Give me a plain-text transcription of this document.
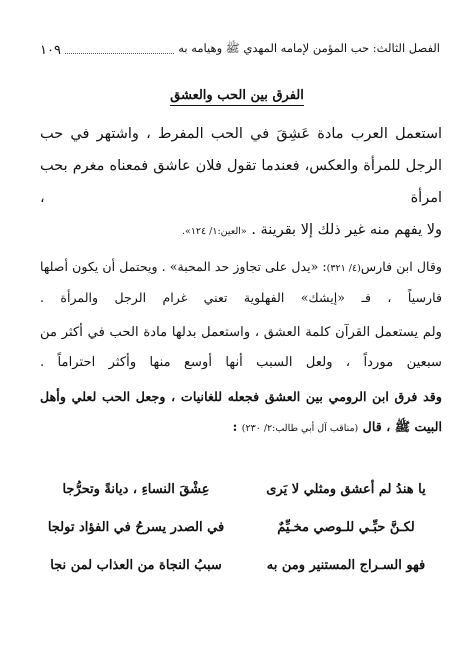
الفصل الثالث: حب المؤمن لإمامه المهدي ﷺ وهيامه به
١٠٩
الفرق بين الحب والعشق

استعمل العرب مادة عَشِقَ في الحب المفرط ، واشتهر في حب الرجل للمرأة والعكس، فعندما تقول فلان عاشق فمعناه مغرم بحب امرأة ،

ولا يفهم منه غير ذلك إلا بقرينة . «العين:١/ ١٢٤».

وقال ابن فارس(٤/ ٣٢١): «يدل على تجاوز حد المحبة» . ويحتمل أن يكون أصلها فارسياً ، فـ «إيشك» الفهلوية تعني غرام الرجل والمرأة .

ولم يستعمل القرآن كلمة العشق ، واستعمل بدلها مادة الحب في أكثر من سبعين مورداً ، ولعل السبب أنها أوسع منها وأكثر احتراماً .

وقد فرق ابن الرومي بين العشق فجعله للغانيات ، وجعل الحب لعلي وأهل البيت ﷺ ، قال (مناقب آل أبي طالب:٢/ ٢٣٠) :

يا هندُ لم أعشق ومثلي لا يَرى
عِشْقَ النساءِ ، ديانةً وتحرُّجا
لكـنَّ حبِّـي للـوصي مخـيِّمٌ
في الصدر يسرحُ في الفؤاد تولجا
فهو السـراج المستنير ومن به
سببُ النجاة من العذاب لمن نجا
